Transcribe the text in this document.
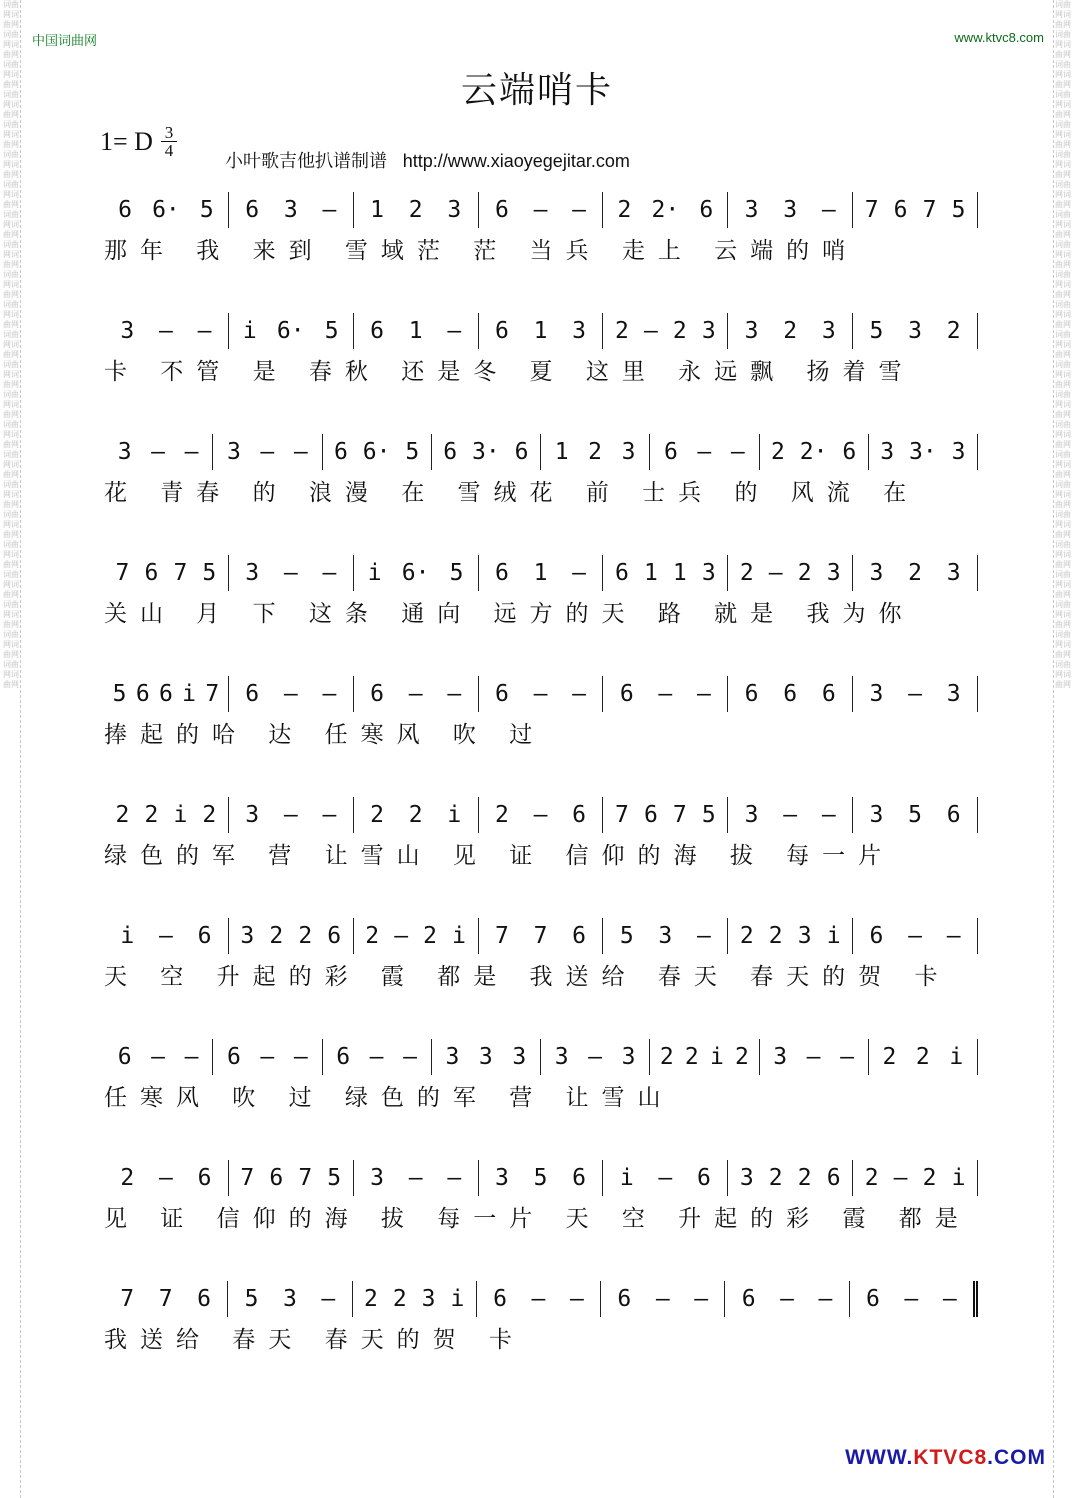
词曲网词曲网词曲网词曲网词曲网词曲网词曲网词曲网词曲网词曲网词曲网词曲网词曲网词曲网词曲网词曲网词曲网词曲网词曲网词曲网词曲网词曲网词曲网词曲网词曲网词曲网词曲网词曲网词曲网词曲网词曲网词曲网词曲网词曲网词曲网词曲网词曲网词曲网词曲网词曲网词曲网词曲网词曲网词曲网词曲网词曲网
词曲网词曲网词曲网词曲网词曲网词曲网词曲网词曲网词曲网词曲网词曲网词曲网词曲网词曲网词曲网词曲网词曲网词曲网词曲网词曲网词曲网词曲网词曲网词曲网词曲网词曲网词曲网词曲网词曲网词曲网词曲网词曲网词曲网词曲网词曲网词曲网词曲网词曲网词曲网词曲网词曲网词曲网词曲网词曲网词曲网词曲网
中国词曲网	www.ktvc8.com
云端哨卡
1= D 3
4
小叶歌吉他扒谱制谱 http://www.xiaoyegejitar.com
6 6· 5 6 3 – 1 2 3 6 – – 2 2· 6 3 3 – 7 6 7 5
那年 我 来到 雪域茫 茫 当兵 走上 云端的哨
3 – – i 6· 5 6 1 – 6 1 3 2 – 2 3 3 2 3 5 3 2
卡 不管 是 春秋 还是冬 夏 这里 永远飘 扬着雪
3 – – 3 – – 6 6· 5 6 3· 6 1 2 3 6 – – 2 2· 6 3 3· 3
花 青春 的 浪漫 在 雪绒花 前 士兵 的 风流 在
7 6 7 5 3 – – i 6· 5 6 1 – 6 1 1 3 2 – 2 3 3 2 3
关山 月 下 这条 通向 远方的天 路 就是 我为你
5 6 6 i 7 6 – – 6 – – 6 – – 6 – – 6 6 6 3 – 3
捧起的哈 达 任寒风 吹 过
2 2 i 2 3 – – 2 2 i 2 – 6 7 6 7 5 3 – – 3 5 6
绿色的军 营 让雪山 见 证 信仰的海 拔 每一片
i – 6 3 2 2 6 2 – 2 i 7 7 6 5 3 – 2 2 3 i 6 – –
天 空 升起的彩 霞 都是 我送给 春天 春天的贺 卡
6 – – 6 – – 6 – – 3 3 3 3 – 3 2 2 i 2 3 – – 2 2 i
任寒风 吹 过 绿色的军 营 让雪山
2 – 6 7 6 7 5 3 – – 3 5 6 i – 6 3 2 2 6 2 – 2 i
见 证 信仰的海 拔 每一片 天 空 升起的彩 霞 都是
7 7 6 5 3 – 2 2 3 i 6 – – 6 – – 6 – – 6 – –
我送给 春天 春天的贺 卡
WWW.KTVC8.COM
